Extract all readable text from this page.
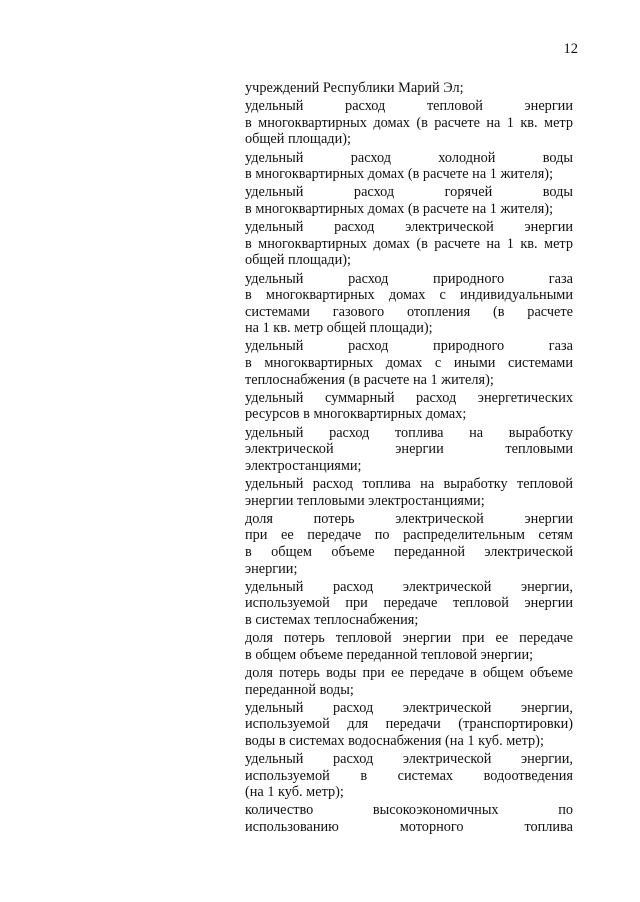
12
учреждений Республики Марий Эл;
удельный расход тепловой энергии
в многоквартирных домах (в расчете на 1 кв. метр
общей площади);
удельный расход холодной воды
в многоквартирных домах (в расчете на 1 жителя);
удельный расход горячей воды
в многоквартирных домах (в расчете на 1 жителя);
удельный расход электрической энергии
в многоквартирных домах (в расчете на 1 кв. метр
общей площади);
удельный расход природного газа
в многоквартирных домах с индивидуальными
системами газового отопления (в расчете
на 1 кв. метр общей площади);
удельный расход природного газа
в многоквартирных домах с иными системами
теплоснабжения (в расчете на 1 жителя);
удельный суммарный расход энергетических
ресурсов в многоквартирных домах;
удельный расход топлива на выработку
электрической энергии тепловыми
электростанциями;
удельный расход топлива на выработку тепловой
энергии тепловыми электростанциями;
доля потерь электрической энергии
при ее передаче по распределительным сетям
в общем объеме переданной электрической
энергии;
удельный расход электрической энергии,
используемой при передаче тепловой энергии
в системах теплоснабжения;
доля потерь тепловой энергии при ее передаче
в общем объеме переданной тепловой энергии;
доля потерь воды при ее передаче в общем объеме
переданной воды;
удельный расход электрической энергии,
используемой для передачи (транспортировки)
воды в системах водоснабжения (на 1 куб. метр);
удельный расход электрической энергии,
используемой в системах водоотведения
(на 1 куб. метр);
количество высокоэкономичных по
использованию моторного топлива
